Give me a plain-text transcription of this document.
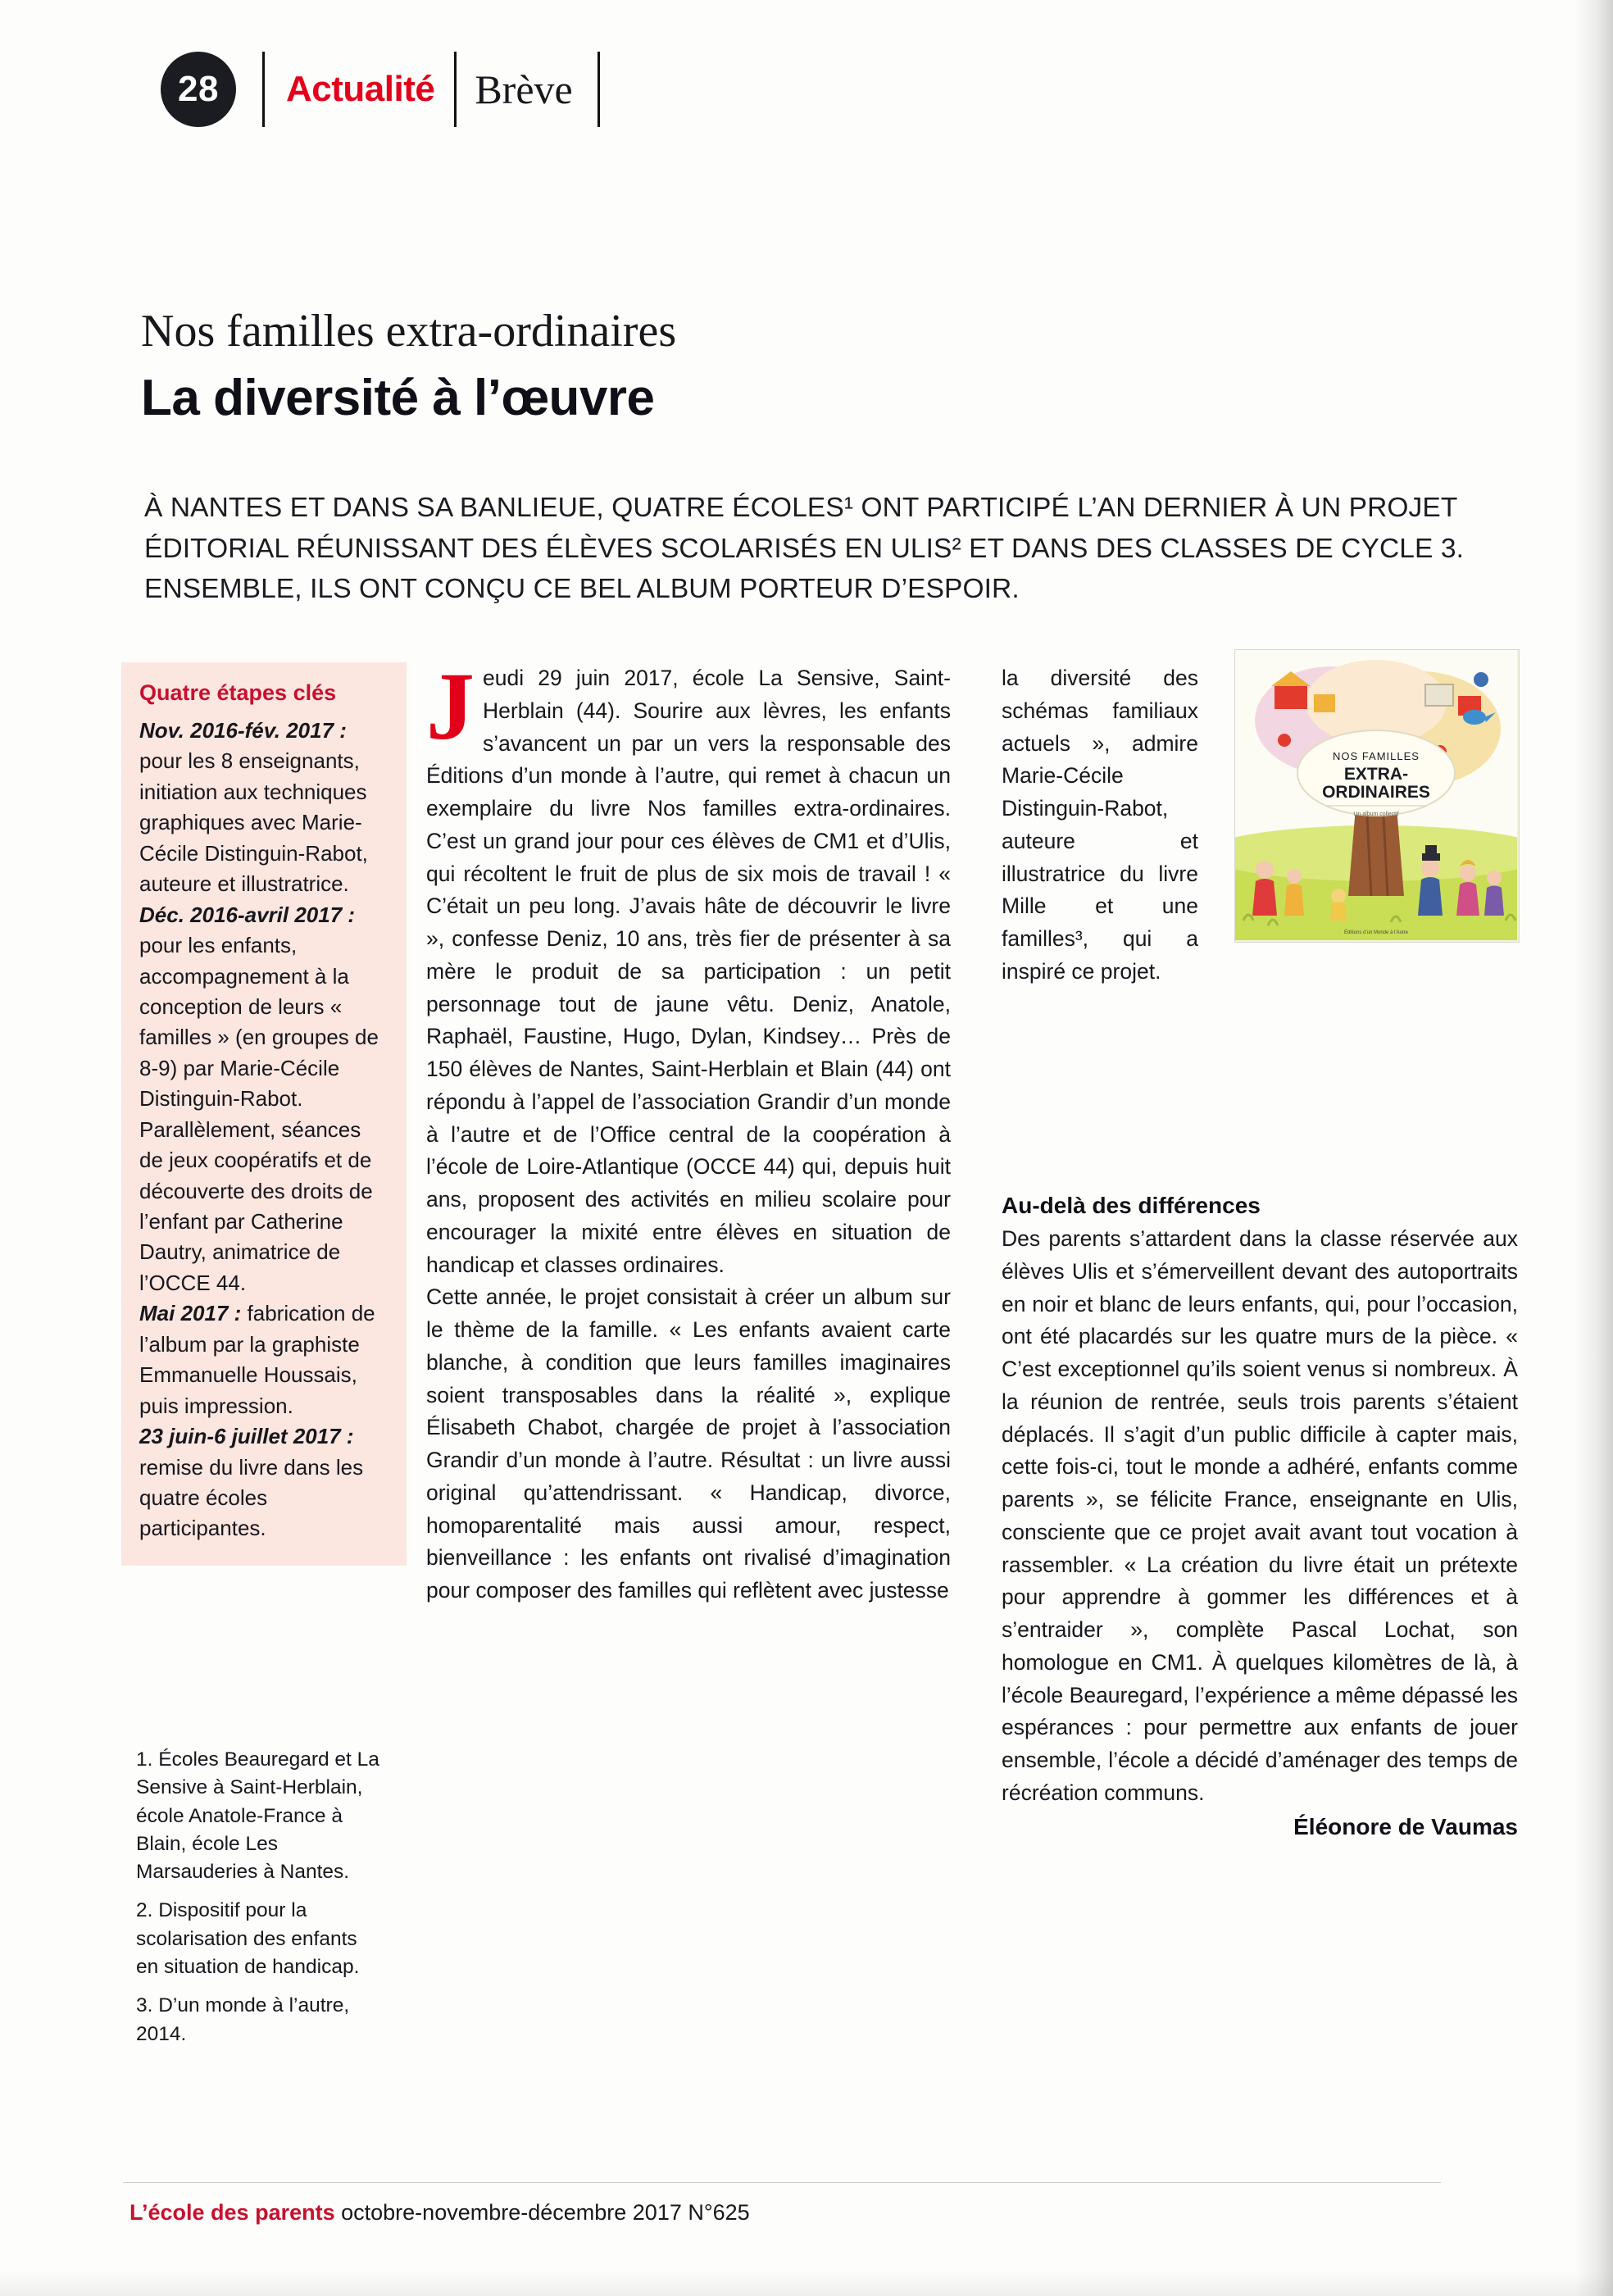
28	Actualité Brève
Nos familles extra-ordinaires
La diversité à l’œuvre
À NANTES ET DANS SA BANLIEUE, QUATRE ÉCOLES¹ ONT PARTICIPÉ L’AN DERNIER À UN PROJET ÉDITORIAL RÉUNISSANT DES ÉLÈVES SCOLARISÉS EN ULIS² ET DANS DES CLASSES DE CYCLE 3. ENSEMBLE, ILS ONT CONÇU CE BEL ALBUM PORTEUR D’ESPOIR.
Quatre étapes clés

Nov. 2016-fév. 2017 : pour les 8 enseignants, initiation aux techniques graphiques avec Marie-Cécile Distinguin-Rabot, auteure et illustratrice.

Déc. 2016-avril 2017 : pour les enfants, accompagnement à la conception de leurs « familles » (en groupes de 8-9) par Marie-Cécile Distinguin-Rabot. Parallèlement, séances de jeux coopératifs et de découverte des droits de l’enfant par Catherine Dautry, animatrice de l’OCCE 44.

Mai 2017 : fabrication de l’album par la graphiste Emmanuelle Houssais, puis impression.

23 juin-6 juillet 2017 : remise du livre dans les quatre écoles participantes.

1. Écoles Beauregard et La Sensive à Saint-Herblain, école Anatole-France à Blain, école Les Marsauderies à Nantes.

2. Dispositif pour la scolarisation des enfants en situation de handicap.

3. D’un monde à l’autre, 2014.

J eudi 29 juin 2017, école La Sensive, Saint-Herblain (44). Sourire aux lèvres, les enfants s’avancent un par un vers la responsable des Éditions d’un monde à l’autre, qui remet à chacun un exemplaire du livre Nos familles extra-ordinaires. C’est un grand jour pour ces élèves de CM1 et d’Ulis, qui récoltent le fruit de plus de six mois de travail ! « C’était un peu long. J’avais hâte de découvrir le livre », confesse Deniz, 10 ans, très fier de présenter à sa mère le produit de sa participation : un petit personnage tout de jaune vêtu. Deniz, Anatole, Raphaël, Faustine, Hugo, Dylan, Kindsey… Près de 150 élèves de Nantes, Saint-Herblain et Blain (44) ont répondu à l’appel de l’association Grandir d’un monde à l’autre et de l’Office central de la coopération à l’école de Loire-Atlantique (OCCE 44) qui, depuis huit ans, proposent des activités en milieu scolaire pour encourager la mixité entre élèves en situation de handicap et classes ordinaires.

Cette année, le projet consistait à créer un album sur le thème de la famille. « Les enfants avaient carte blanche, à condition que leurs familles imaginaires soient transposables dans la réalité », explique Élisabeth Chabot, chargée de projet à l’association Grandir d’un monde à l’autre. Résultat : un livre aussi original qu’attendrissant. « Handicap, divorce, homoparentalité mais aussi amour, respect, bienveillance : les enfants ont rivalisé d’imagination pour composer des familles qui reflètent avec justesse

la diversité des schémas familiaux actuels », admire Marie-Cécile Distinguin-Rabot, auteure et illustratrice du livre Mille et une familles³, qui a inspiré ce projet.

Au-delà des différences

Des parents s’attardent dans la classe réservée aux élèves Ulis et s’émerveillent devant des autoportraits en noir et blanc de leurs enfants, qui, pour l’occasion, ont été placardés sur les quatre murs de la pièce. « C’est exceptionnel qu’ils soient venus si nombreux. À la réunion de rentrée, seuls trois parents s’étaient déplacés. Il s’agit d’un public difficile à capter mais, cette fois-ci, tout le monde a adhéré, enfants comme parents », se félicite France, enseignante en Ulis, consciente que ce projet avait avant tout vocation à rassembler. « La création du livre était un prétexte pour apprendre à gommer les différences et à s’entraider », complète Pascal Lochat, son homologue en CM1. À quelques kilomètres de là, à l’école Beauregard, l’expérience a même dépassé les espérances : pour permettre aux enfants de jouer ensemble, l’école a décidé d’aménager des temps de récréation communs.

Éléonore de Vaumas

NOS FAMILLES
EXTRA-
ORDINAIRES
Un album collectif
Éditions d’un Monde à l’Autre
L’école des parents octobre-novembre-décembre 2017 N°625
